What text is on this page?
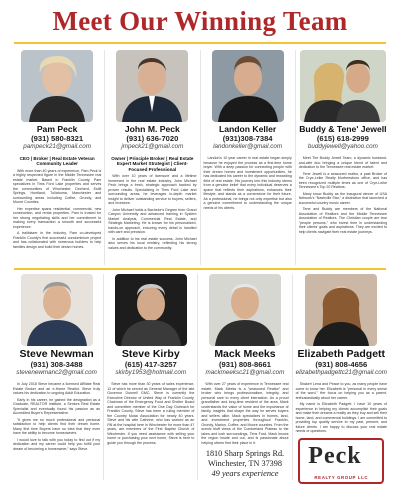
Meet Our Winning Team
Pam Peck
(931) 580-8321
pampeck21@gmail.com
CEO | Broker | Real Estate Veteran Community Leader

With more than 40 years of experience, Pam Peck is a highly respected figure in the Middle Tennessee real estate market. Based in Franklin County, Pam specializes in Tims Ford Lake properties and serves the communities of Winchester, Decherd, Estill Springs, Huntland, Tullahoma, Manchester and surrounding areas including Coffee, Grundy, and Moore Counties.

Her expertise spans residential, commercial, new construction, and rental properties. Pam is trusted for her strong negotiating skills and her commitment to making every transaction a smooth and successful experience.

A trailblazer in the industry, Pam co-developed Franklin County's first successful condominium project and has collaborated with numerous builders to help families design and build their dream homes.

John M. Peck
(931) 636-7020
jmpeck21@gmail.com
Owner | Principle Broker | Real Estate Expert Market Strategist | Client-Focused Professional

With over 10 years of licensure and a lifetime immersed in the real estate industry, John Michael Peck brings a fresh, strategic approach backed by proven results. Specializing in Tims Ford Lake and surrounding areas, he leverages in-depth market insight to deliver outstanding service to buyers, sellers, and investors.

John Michael holds a Bachelor's Degree from Grand Canyon University and advanced training in System Market Analysis, Commercial Real Estate, and Strategic Marketing. He is known for his personalized, hands-on approach, ensuring every detail is handled with care and precision.

In addition to his real estate success, John Michael also serves his local ministry, reflecting his strong values and dedication to the community.

Landon Keller
(931)308-7384
landonkeller@gmail.com

Landon's 10 year career in real estate began simply because he enjoyed the process as a first-time home buyer. With a deep passion for connecting people with their dream homes and investment opportunities, he has dedicated his career to the dynamic and rewarding field of real estate. His journey into this industry stems from a genuine belief that every individual deserves a space that reflects their aspirations, enhances their lifestyle, and stands as a cornerstone for their future. As a professional, he brings not only expertise but also a genuine commitment to understanding the unique needs of his clients.

Buddy & Tene' Jewell
(615) 618-2999
buddyjewell@yahoo.com

Meet The Buddy Jewell Team, a dynamic husband-and-wife duo bringing a unique blend of talent and dedication to the Tennessee real estate market.

Tene Jewell is a seasoned realtor, a past Broker of the Crye-Leike Realty Murfreesboro office, and has been recognized multiple times as one of Crye-Leike Tennessee's Top 20 Realtors.

Many know Buddy as the inaugural winner of USA Network's "Nashville Star," a distinction that launched a successful country music career.

Tene and Buddy are members of the National Association of Realtors and the Middle Tennessee Association of Realtors. The Christian couple are true "people persons," who invest time in understanding their clients' goals and aspirations. They are excited to help clients navigate their real estate journeys.

Steve Newman
(931) 308-3488
stevenewmanc2@gmail.com

In July 2018 Steve became a licensed Affiliate Real Estate Broker and an e-Home Realtor. Steve truly values his dedication to ongoing Adult Education.

Early in his career, he gained the designation as a Graduate, REALTOR Institute, a Seniors Real Estate Specialist and eventually found his passion as an Accredited Buyer's Representative.

"It gives me so much professional and personal satisfaction to help clients find their dream home. Many first time Buyers have no idea that they even have the ability to become homeowners.

I would love to talk with you today to find out if my dedication and my career could help you fulfill your dream of becoming a homeowner," says Steve.

Steve Kirby
(615) 417-3257
skirby1953@hotmail.com

Steve has more than 30 years of sales experience, 13 of which he served as General Manager of the late Governor Dunnell GMC. Steve is currently the Executive Director of United Way of Franklin County, Chairman of the Emergency Food and Shelter Board and committee member of the One Day Outreach for Franklin County. Steve has been a ruling member of the Country Music Association for nearly 40 years. Steve and his wife Cathrine, who has worked as an RN at the hospital here in Winchester for more than 47 years, are members of the First Baptist Church of Winchester. If you need assistance with selling your home or purchasing your next home, Steve is here to guide you through the process.

Mack Meeks
(931) 808-8661
mackmeeksc21@gmail.com

With over 27 years of experience in Tennessee real estate, Mack Meeks is a "seasoned Realtor" and broker who brings professionalism, integrity, and personal care to every client interaction. As a proud grandfather and long-time resident of the area, Mack understands the value of home and the importance of family, insights that shape the way he serves buyers and sellers alike. Mack specializes in homes, land, and investment properties throughout Franklin, Grundy, Marion, Coffee, and Moore counties. From the scenic bluff views of the Cumberland Plateau to the lakes and lush surroundings, Tims Ford, Mack knows the region inside and out, and is passionate about helping others find their place in it.

1810 Sharp Springs Rd.
Winchester, TN 37398
49 years experience
Elizabeth Padgett
(931) 808-4656
elizabethpadgettc21@gmail.com

Shaker! Lena and Peace to you, as many people have come to know her. Elizabeth is "personal in every sense of the word." Her focus on helping you as a parent, enthusiastically about her career.

My name is Elizabeth Padgett. I have 10 years of experience in helping my clients accomplish their goals and make their dreams a reality as they buy and sell their home, land, and commercial buildings. I am committed to providing top quality service to my past, present, and future clients. I am happy to discuss your real estate needs or questions.

Peck
REALTY GROUP LLC
